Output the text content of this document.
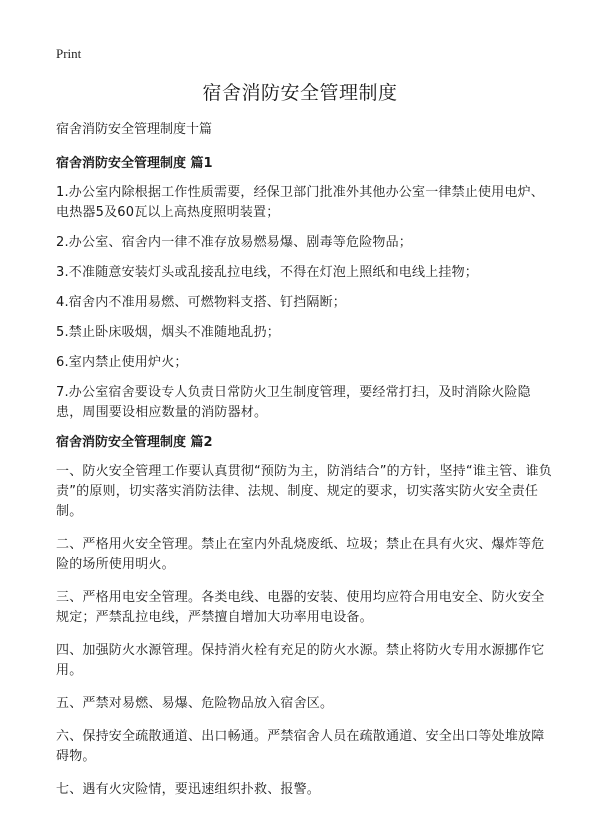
Print
宿舍消防安全管理制度

宿舍消防安全管理制度十篇

宿舍消防安全管理制度 篇1

1.办公室内除根据工作性质需要，经保卫部门批准外其他办公室一律禁止使用电炉、电热器5及60瓦以上高热度照明装置；

2.办公室、宿舍内一律不准存放易燃易爆、剧毒等危险物品；

3.不准随意安装灯头或乱接乱拉电线，不得在灯泡上照纸和电线上挂物；

4.宿舍内不准用易燃、可燃物料支搭、钉挡隔断；

5.禁止卧床吸烟，烟头不准随地乱扔；

6.室内禁止使用炉火；

7.办公室宿舍要设专人负责日常防火卫生制度管理，要经常打扫，及时消除火险隐患，周围要设相应数量的消防器材。

宿舍消防安全管理制度 篇2

一、防火安全管理工作要认真贯彻“预防为主，防消结合”的方针，坚持“谁主管、谁负责”的原则，切实落实消防法律、法规、制度、规定的要求，切实落实防火安全责任制。

二、严格用火安全管理。禁止在室内外乱烧废纸、垃圾；禁止在具有火灾、爆炸等危险的场所使用明火。

三、严格用电安全管理。各类电线、电器的安装、使用均应符合用电安全、防火安全规定；严禁乱拉电线，严禁擅自增加大功率用电设备。

四、加强防火水源管理。保持消火栓有充足的防火水源。禁止将防火专用水源挪作它用。

五、严禁对易燃、易爆、危险物品放入宿舍区。

六、保持安全疏散通道、出口畅通。严禁宿舍人员在疏散通道、安全出口等处堆放障碍物。

七、遇有火灾险情，要迅速组织扑救、报警。
